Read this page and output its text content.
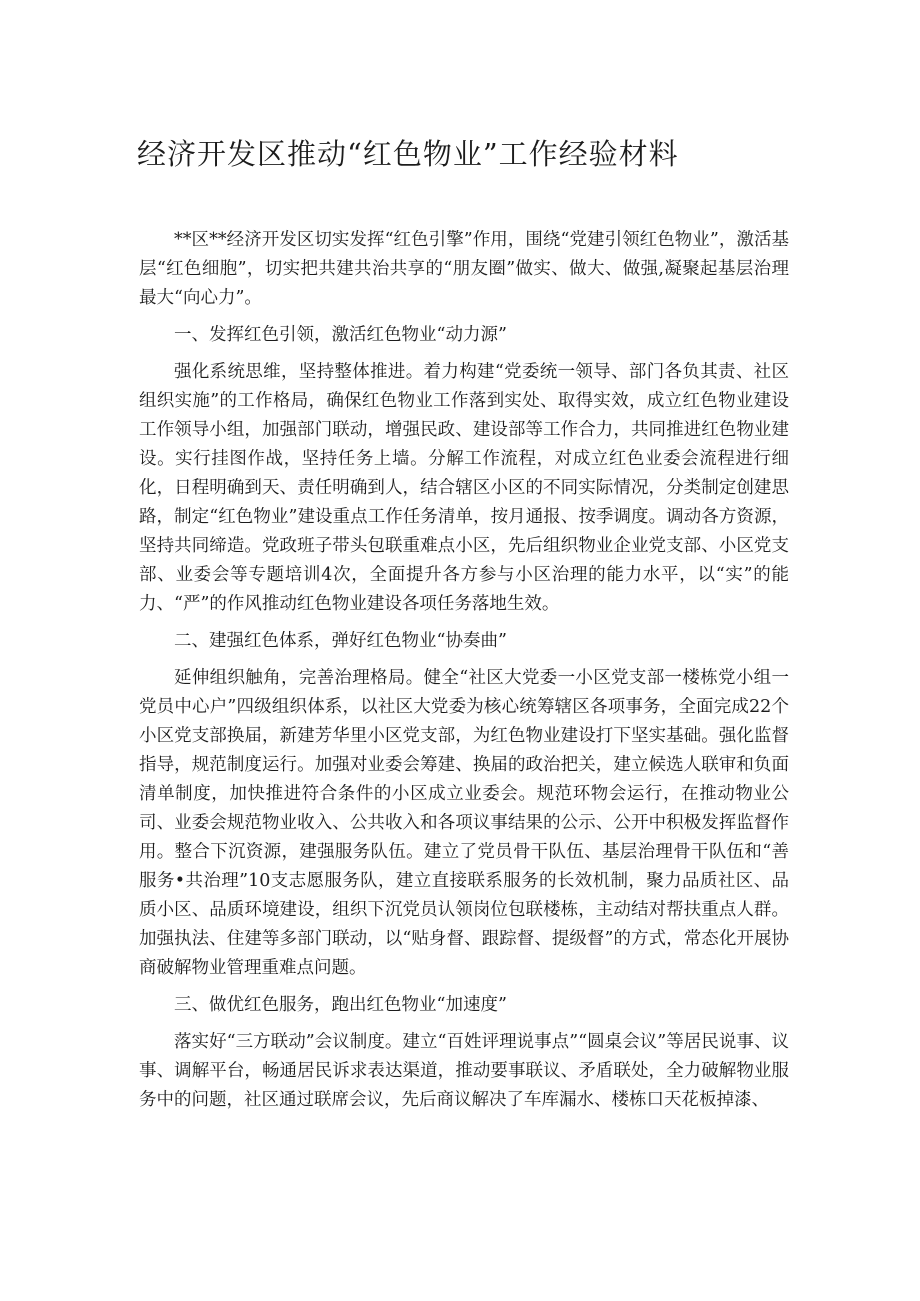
经济开发区推动“红色物业”工作经验材料

**区**经济开发区切实发挥“红色引擎”作用，围绕“党建引领红色物业”，激活基层“红色细胞”，切实把共建共治共享的“朋友圈”做实、做大、做强,凝聚起基层治理最大“向心力”。

一、发挥红色引领，激活红色物业“动力源”

强化系统思维，坚持整体推进。着力构建“党委统一领导、部门各负其责、社区组织实施”的工作格局，确保红色物业工作落到实处、取得实效，成立红色物业建设工作领导小组，加强部门联动，增强民政、建设部等工作合力，共同推进红色物业建设。实行挂图作战，坚持任务上墙。分解工作流程，对成立红色业委会流程进行细化，日程明确到天、责任明确到人，结合辖区小区的不同实际情况，分类制定创建思路，制定“红色物业”建设重点工作任务清单，按月通报、按季调度。调动各方资源，坚持共同缔造。党政班子带头包联重难点小区，先后组织物业企业党支部、小区党支部、业委会等专题培训4次，全面提升各方参与小区治理的能力水平，以“实”的能力、“严”的作风推动红色物业建设各项任务落地生效。

二、建强红色体系，弹好红色物业“协奏曲”

延伸组织触角，完善治理格局。健全“社区大党委一小区党支部一楼栋党小组一党员中心户”四级组织体系，以社区大党委为核心统筹辖区各项事务，全面完成22个小区党支部换届，新建芳华里小区党支部，为红色物业建设打下坚实基础。强化监督指导，规范制度运行。加强对业委会筹建、换届的政治把关，建立候选人联审和负面清单制度，加快推进符合条件的小区成立业委会。规范环物会运行，在推动物业公司、业委会规范物业收入、公共收入和各项议事结果的公示、公开中积极发挥监督作用。整合下沉资源，建强服务队伍。建立了党员骨干队伍、基层治理骨干队伍和“善服务•共治理”10支志愿服务队，建立直接联系服务的长效机制，聚力品质社区、品质小区、品质环境建设，组织下沉党员认领岗位包联楼栋，主动结对帮扶重点人群。加强执法、住建等多部门联动，以“贴身督、跟踪督、提级督”的方式，常态化开展协商破解物业管理重难点问题。

三、做优红色服务，跑出红色物业“加速度”

落实好“三方联动”会议制度。建立“百姓评理说事点”“圆桌会议”等居民说事、议事、调解平台，畅通居民诉求表达渠道，推动要事联议、矛盾联处，全力破解物业服务中的问题，社区通过联席会议，先后商议解决了车库漏水、楼栋口天花板掉漆、
